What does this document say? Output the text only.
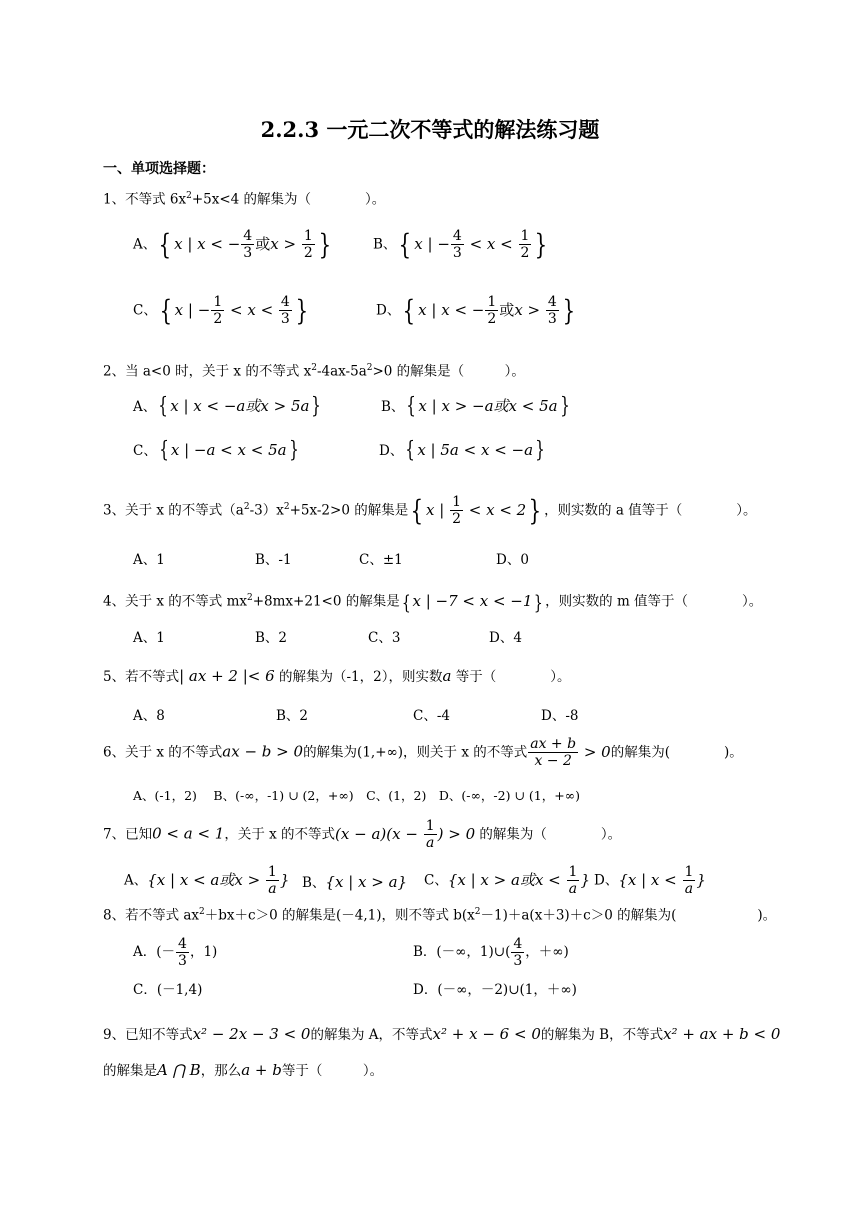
2.2.3 一元二次不等式的解法练习题
一、单项选择题：
1、不等式 $6x^2+5x<4$ 的解集为（　　　　）。
A、{ x | x < − $\frac{4}{3}$ 或$x > \frac{1}{2}$ }	B、{ x | − $\frac{4}{3} < x < \frac{1}{2}$ }
C、{ x | − $\frac{1}{2} < x < \frac{4}{3}$ }	D、{ x | x < − $\frac{1}{2}$ 或$x > \frac{4}{3}$ }
2、当 a<0 时，关于 x 的不等式 $x^2-4ax-5a^2>0$ 的解集是（　　　）。
A、{ x | x < −a或x > 5a}	B、{ x | x > −a或x < 5a}
C、{ x | −a < x < 5a}	D、{ x | 5a < x < −a}
3、关于 x 的不等式$(a^2-3)x^2+5x-2>0$ 的解集是{ x | $\frac{1}{2} < x < 2$} ，则实数的 a 值等于（　　　　）。
A、1	B、-1	C、±1	D、0
4、关于 x 的不等式 $mx^2+8mx+21<0$ 的解集是{ x | −7 < x < −1} ，则实数的 m 值等于（　　　　）。
A、1	B、2	C、3	D、4
5、若不等式| ax + 2 |< 6 的解集为（-1，2），则实数a 等于（　　　　）。
A、8	B、2	C、-4	D、-8
6、关于 x 的不等式ax − b > 0的解集为(1,+∞)，则关于 x 的不等式 $\frac{ax + b}{x - 2} > 0$的解集为(　　　　)。
A、(-1，2)　 B、(-∞，-1) ∪ (2，+∞)　C、(1，2)　D、(-∞，-2) ∪ (1，+∞)
7、已知0 < a < 1，关于 x 的不等式$(x - a)(x - \frac{1}{a}$ ) > 0 的解集为（　　　　）。
A、{x | x < a或$x > \frac{1}{a}$ } B、{x | x > a} C、{x | x > a或$x < \frac{1}{a}$ } D、{x | $x < \frac{1}{a}$ }
8、若不等式 $ax^2+bx+c>0$ 的解集是(－4,1)，则不等式 $b(x^2-1)+a(x+3)+c>0$ 的解集为(　　　　　　)。
A．(－ $\frac{4}{3}$ ，1)	B．(－∞，1)∪( $\frac{4}{3}$ ，＋∞)
C．(－1,4)	D．(－∞，－2)∪(1，＋∞)
9、已知不等式x² − 2x − 3 < 0的解集为 A，不等式x² + x − 6 < 0的解集为 B，不等式x² + ax + b < 0
的解集是A ⋂ B，那么a + b等于（　　　）。
